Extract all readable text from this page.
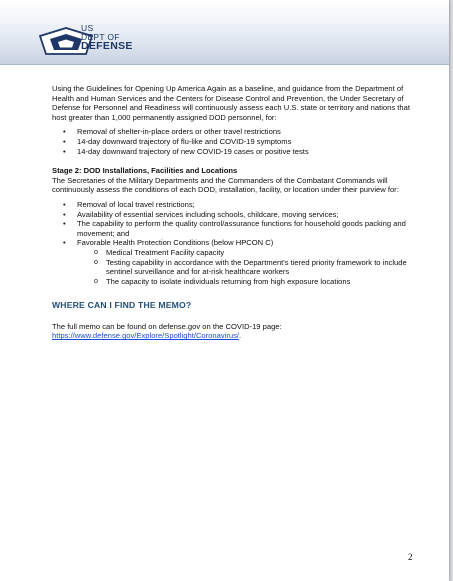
US
DEPT OF
DEFENSE

Using the Guidelines for Opening Up America Again as a baseline, and guidance from the Department of Health and Human Services and the Centers for Disease Control and Prevention, the Under Secretary of Defense for Personnel and Readiness will continuously assess each U.S. state or territory and nations that host greater than 1,000 permanently assigned DOD personnel, for:

• Removal of shelter-in-place orders or other travel restrictions
• 14-day downward trajectory of flu-like and COVID-19 symptoms
• 14-day downward trajectory of new COVID-19 cases or positive tests

Stage 2: DOD Installations, Facilities and Locations

The Secretaries of the Military Departments and the Commanders of the Combatant Commands will continuously assess the conditions of each DOD, installation, facility, or location under their purview for:

• Removal of local travel restrictions;
• Availability of essential services including schools, childcare, moving services;
• The capability to perform the quality control/assurance functions for household goods packing and movement; and
• Favorable Health Protection Conditions (below HPCON C)
o Medical Treatment Facility capacity
o Testing capability in accordance with the Department's tiered priority framework to include sentinel surveillance and for at-risk healthcare workers
o The capacity to isolate individuals returning from high exposure locations

WHERE CAN I FIND THE MEMO?

The full memo can be found on defense.gov on the COVID-19 page:
https://www.defense.gov/Explore/Spotlight/Coronavirus/.

2
